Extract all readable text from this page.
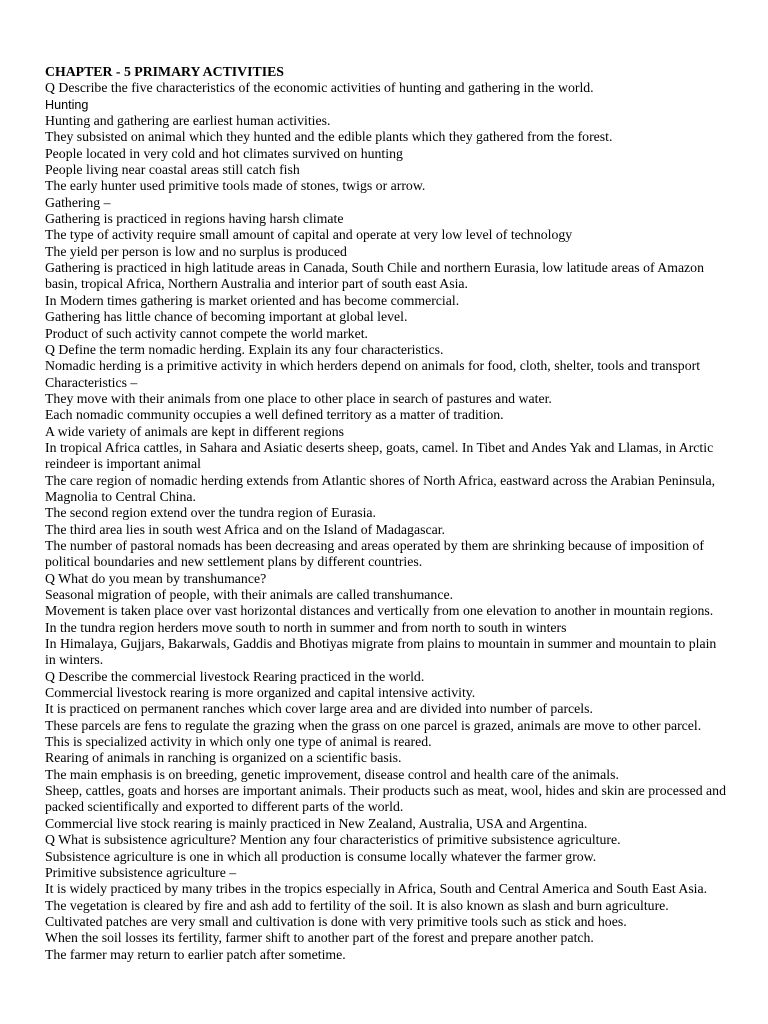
CHAPTER - 5 PRIMARY ACTIVITIES

Q Describe the five characteristics of the economic activities of hunting and gathering in the world.

Hunting

Hunting and gathering are earliest human activities.

They subsisted on animal which they hunted and the edible plants which they gathered from the forest.

People located in very cold and hot climates survived on hunting

People living near coastal areas still catch fish

The early hunter used primitive tools made of stones, twigs or arrow.

Gathering –

Gathering is practiced in regions having harsh climate

The type of activity require small amount of capital and operate at very low level of technology

The yield per person is low and no surplus is produced

Gathering is practiced in high latitude areas in Canada, South Chile and northern Eurasia, low latitude areas of Amazon basin, tropical Africa, Northern Australia and interior part of south east Asia.

In Modern times gathering is market oriented and has become commercial.

Gathering has little chance of becoming important at global level.

Product of such activity cannot compete the world market.

Q Define the term nomadic herding. Explain its any four characteristics.

Nomadic herding is a primitive activity in which herders depend on animals for food, cloth, shelter, tools and transport

Characteristics –

They move with their animals from one place to other place in search of pastures and water.

Each nomadic community occupies a well defined territory as a matter of tradition.

A wide variety of animals are kept in different regions

In tropical Africa cattles, in Sahara and Asiatic deserts sheep, goats, camel. In Tibet and Andes Yak and Llamas, in Arctic reindeer is important animal

The care region of nomadic herding extends from Atlantic shores of North Africa, eastward across the Arabian Peninsula, Magnolia to Central China.

The second region extend over the tundra region of Eurasia.

The third area lies in south west Africa and on the Island of Madagascar.

The number of pastoral nomads has been decreasing and areas operated by them are shrinking because of imposition of political boundaries and new settlement plans by different countries.

Q What do you mean by transhumance?

Seasonal migration of people, with their animals are called transhumance.

Movement is taken place over vast horizontal distances and vertically from one elevation to another in mountain regions.

In the tundra region herders move south to north in summer and from north to south in winters

In Himalaya, Gujjars, Bakarwals, Gaddis and Bhotiyas migrate from plains to mountain in summer and mountain to plain in winters.

Q Describe the commercial livestock Rearing practiced in the world.

Commercial livestock rearing is more organized and capital intensive activity.

It is practiced on permanent ranches which cover large area and are divided into number of parcels.

These parcels are fens to regulate the grazing when the grass on one parcel is grazed, animals are move to other parcel.

This is specialized activity in which only one type of animal is reared.

Rearing of animals in ranching is organized on a scientific basis.

The main emphasis is on breeding, genetic improvement, disease control and health care of the animals.

Sheep, cattles, goats and horses are important animals. Their products such as meat, wool, hides and skin are processed and packed scientifically and exported to different parts of the world.

Commercial live stock rearing is mainly practiced in New Zealand, Australia, USA and Argentina.

Q What is subsistence agriculture? Mention any four characteristics of primitive subsistence agriculture.

Subsistence agriculture is one in which all production is consume locally whatever the farmer grow.

Primitive subsistence agriculture –

It is widely practiced by many tribes in the tropics especially in Africa, South and Central America and South East Asia.

The vegetation is cleared by fire and ash add to fertility of the soil. It is also known as slash and burn agriculture.

Cultivated patches are very small and cultivation is done with very primitive tools such as stick and hoes.

When the soil losses its fertility, farmer shift to another part of the forest and prepare another patch.

The farmer may return to earlier patch after sometime.
